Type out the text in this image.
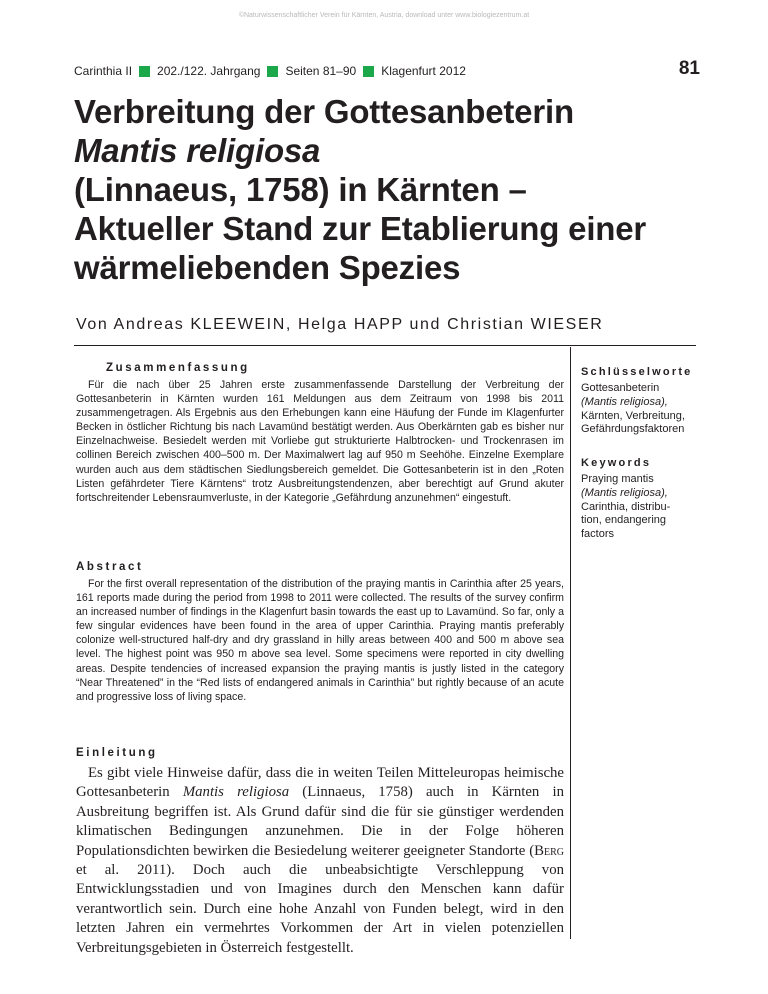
©Naturwissenschaftlicher Verein für Kärnten, Austria, download unter www.biologiezentrum.at
Carinthia II 202./122. Jahrgang Seiten 81–90 Klagenfurt 2012	81
Verbreitung der Gottesanbeterin
Mantis religiosa
(Linnaeus, 1758) in Kärnten –
Aktueller Stand zur Etablierung einer
wärmeliebenden Spezies
Von Andreas KLEEWEIN, Helga HAPP und Christian WIESER
Zusammenfassung

Für die nach über 25 Jahren erste zusammenfassende Darstellung der Verbreitung der Gottesanbeterin in Kärnten wurden 161 Meldungen aus dem Zeitraum von 1998 bis 2011 zusammengetragen. Als Ergebnis aus den Erhebungen kann eine Häufung der Funde im Klagenfurter Becken in östlicher Richtung bis nach Lavamünd bestätigt werden. Aus Oberkärnten gab es bisher nur Einzelnachweise. Besiedelt werden mit Vorliebe gut strukturierte Halbtrocken- und Trockenrasen im collinen Bereich zwischen 400–500 m. Der Maximalwert lag auf 950 m Seehöhe. Einzelne Exemplare wurden auch aus dem städtischen Siedlungsbereich gemeldet. Die Gottesanbeterin ist in den „Roten Listen gefährdeter Tiere Kärntens“ trotz Ausbreitungstendenzen, aber berechtigt auf Grund akuter fortschreitender Lebensraumverluste, in der Kategorie „Gefährdung anzunehmen“ eingestuft.

Abstract

For the first overall representation of the distribution of the praying mantis in Carinthia after 25 years, 161 reports made during the period from 1998 to 2011 were collected. The results of the survey confirm an increased number of findings in the Klagenfurt basin towards the east up to Lavamünd. So far, only a few singular evidences have been found in the area of upper Carinthia. Praying mantis preferably colonize well-structured half-dry and dry grassland in hilly areas between 400 and 500 m above sea level. The highest point was 950 m above sea level. Some specimens were reported in city dwelling areas. Despite tendencies of increased expansion the praying mantis is justly listed in the category “Near Threatened” in the “Red lists of endangered animals in Carinthia” but rightly because of an acute and progressive loss of living space.

Einleitung

Es gibt viele Hinweise dafür, dass die in weiten Teilen Mitteleuropas heimische Gottesanbeterin Mantis religiosa (Linnaeus, 1758) auch in Kärnten in Ausbreitung begriffen ist. Als Grund dafür sind die für sie günstiger werdenden klimatischen Bedingungen anzunehmen. Die in der Folge höheren Populationsdichten bewirken die Besiedelung weiterer geeigneter Standorte (Berg et al. 2011). Doch auch die unbeabsichtigte Verschleppung von Entwicklungsstadien und von Imagines durch den Menschen kann dafür verantwortlich sein. Durch eine hohe Anzahl von Funden belegt, wird in den letzten Jahren ein vermehrtes Vorkommen der Art in vielen potenziellen Verbreitungsgebieten in Österreich festgestellt.

Schlüsselworte

Gottesanbeterin

(Mantis religiosa),

Kärnten, Verbreitung,

Gefährdungsfaktoren

Keywords

Praying mantis

(Mantis religiosa),

Carinthia, distribu-

tion, endangering

factors
